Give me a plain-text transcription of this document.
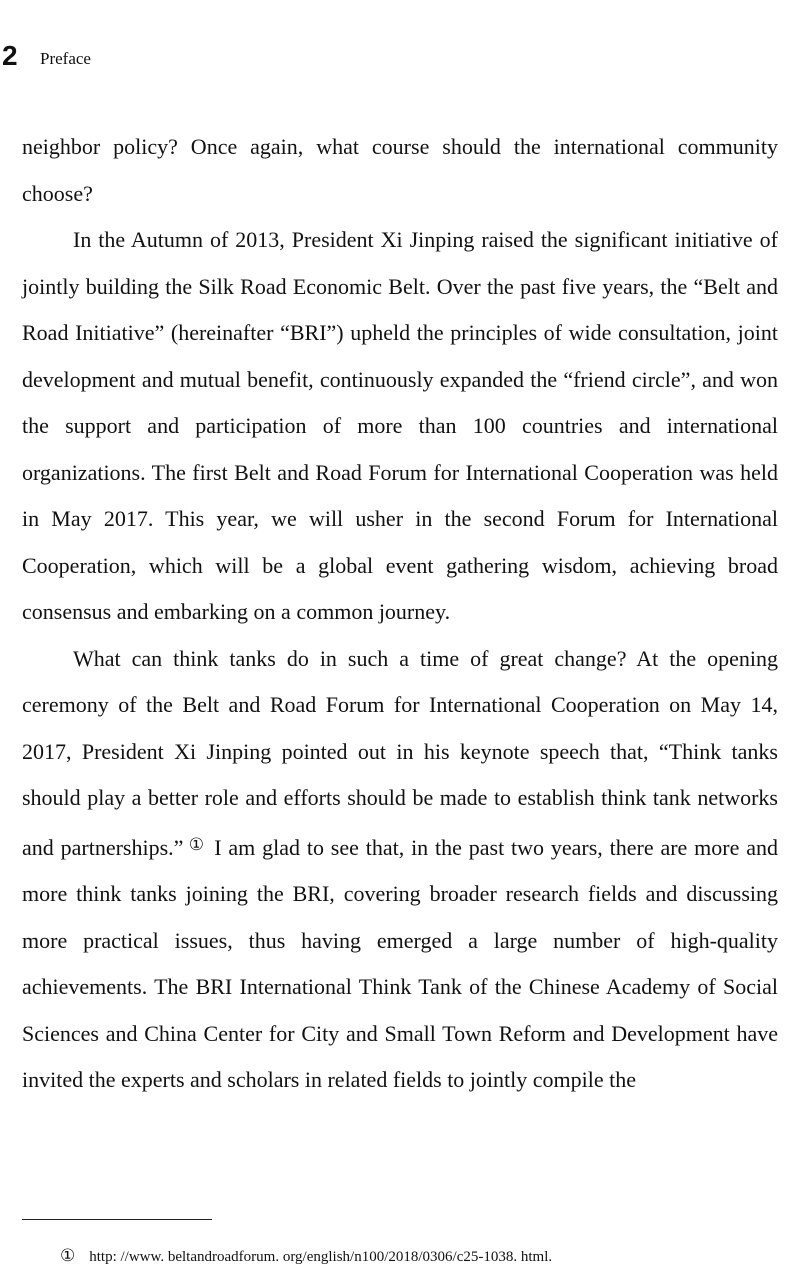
2 Preface

neighbor policy? Once again, what course should the international community choose?

In the Autumn of 2013, President Xi Jinping raised the significant initiative of jointly building the Silk Road Economic Belt. Over the past five years, the “Belt and Road Initiative” (hereinafter “BRI”) upheld the principles of wide consultation, joint development and mutual benefit, continuously expanded the “friend circle”, and won the support and participation of more than 100 countries and international organizations. The first Belt and Road Forum for International Cooperation was held in May 2017. This year, we will usher in the second Forum for International Cooperation, which will be a global event gathering wisdom, achieving broad consensus and embarking on a common journey.

What can think tanks do in such a time of great change? At the opening ceremony of the Belt and Road Forum for International Cooperation on May 14, 2017, President Xi Jinping pointed out in his keynote speech that, “Think tanks should play a better role and efforts should be made to establish think tank networks and partnerships.” ① I am glad to see that, in the past two years, there are more and more think tanks joining the BRI, covering broader research fields and discussing more practical issues, thus having emerged a large number of high-quality achievements. The BRI International Think Tank of the Chinese Academy of Social Sciences and China Center for City and Small Town Reform and Development have invited the experts and scholars in related fields to jointly compile the

① http: //www. beltandroadforum. org/english/n100/2018/0306/c25-1038. html.
